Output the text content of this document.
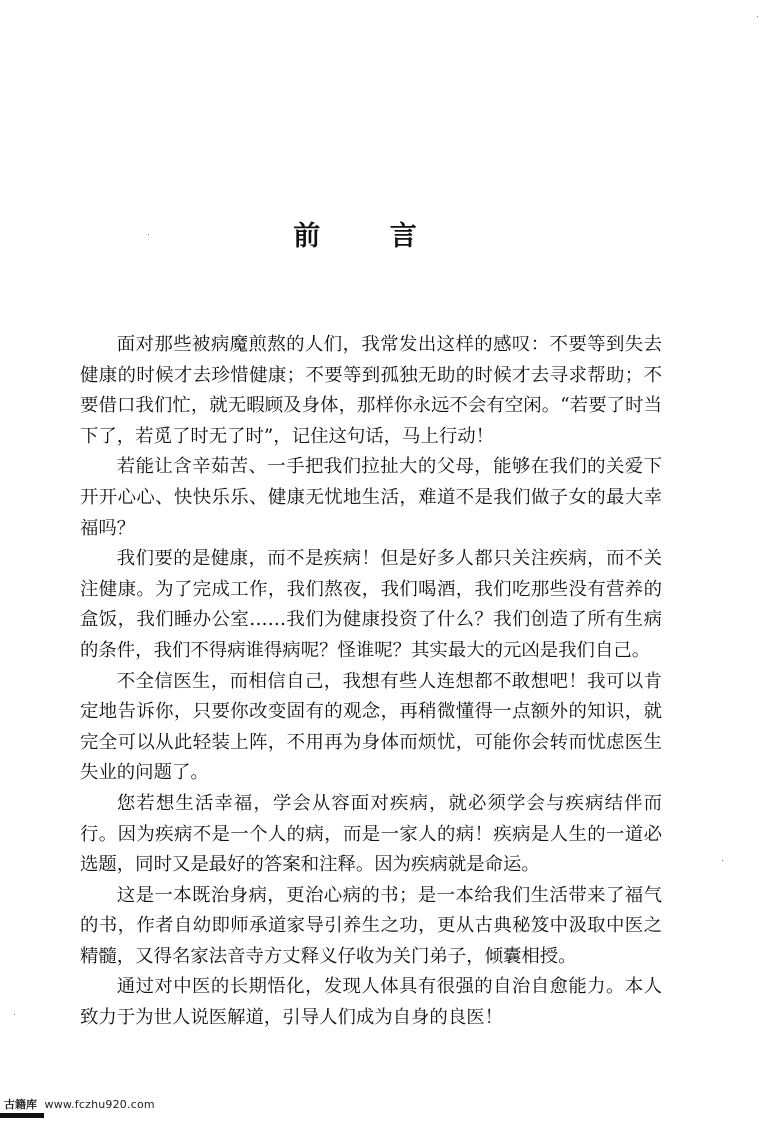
前 言

面对那些被病魔煎熬的人们，我常发出这样的感叹：不要等到失去健康的时候才去珍惜健康；不要等到孤独无助的时候才去寻求帮助；不要借口我们忙，就无暇顾及身体，那样你永远不会有空闲。“若要了时当下了，若觅了时无了时”，记住这句话，马上行动！

若能让含辛茹苦、一手把我们拉扯大的父母，能够在我们的关爱下开开心心、快快乐乐、健康无忧地生活，难道不是我们做子女的最大幸福吗？

我们要的是健康，而不是疾病！但是好多人都只关注疾病，而不关注健康。为了完成工作，我们熬夜，我们喝酒，我们吃那些没有营养的盒饭，我们睡办公室……我们为健康投资了什么？我们创造了所有生病的条件，我们不得病谁得病呢？怪谁呢？其实最大的元凶是我们自己。

不全信医生，而相信自己，我想有些人连想都不敢想吧！我可以肯定地告诉你，只要你改变固有的观念，再稍微懂得一点额外的知识，就完全可以从此轻装上阵，不用再为身体而烦忧，可能你会转而忧虑医生失业的问题了。

您若想生活幸福，学会从容面对疾病，就必须学会与疾病结伴而行。因为疾病不是一个人的病，而是一家人的病！疾病是人生的一道必选题，同时又是最好的答案和注释。因为疾病就是命运。

这是一本既治身病，更治心病的书；是一本给我们生活带来了福气的书，作者自幼即师承道家导引养生之功，更从古典秘笈中汲取中医之精髓，又得名家法音寺方丈释义仔收为关门弟子，倾囊相授。

通过对中医的长期悟化，发现人体具有很强的自治自愈能力。本人致力于为世人说医解道，引导人们成为自身的良医！

古籍库 www.fczhu920.com
